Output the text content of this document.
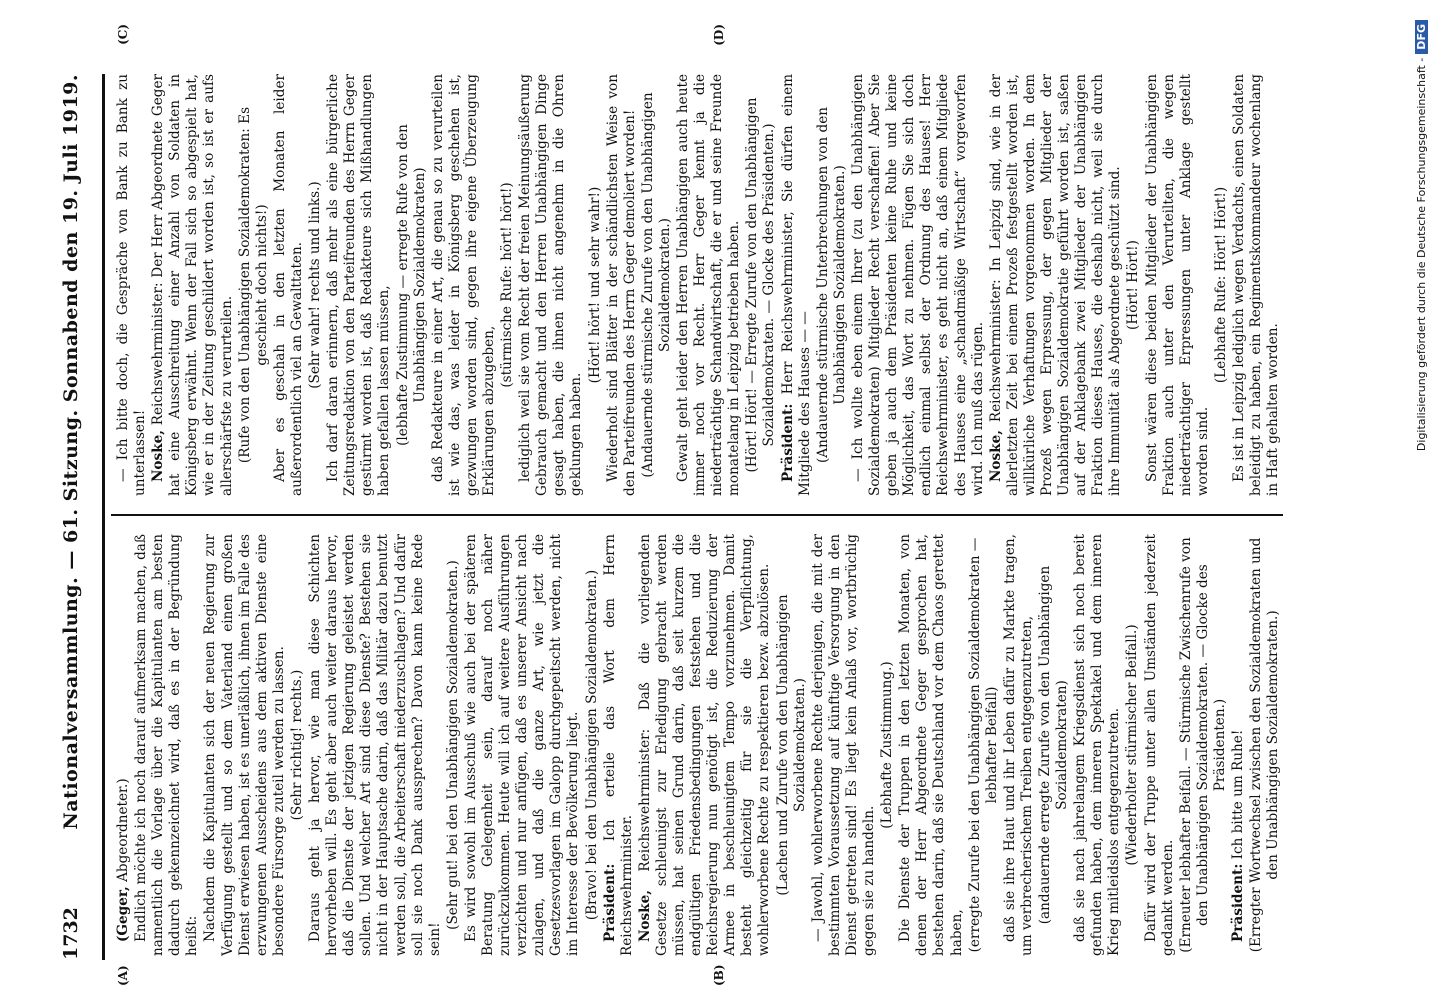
1732
Nationalversammlung. — 61. Sitzung. Sonnabend den 19. Juli 1919.
(A)	(B)

(Geger, Abgeordneter.) Endlich möchte ich noch darauf aufmerksam machen, daß namentlich die Vorlage über die Kapitulanten am besten dadurch gekennzeichnet wird, daß es in der Begründung heißt: Nachdem die Kapitulanten sich der neuen Regierung zur Verfügung gestellt und so dem Vaterland einen großen Dienst erwiesen haben, ist es unerläßlich, ihnen im Falle des erzwungenen Ausscheidens aus dem aktiven Dienste eine besondere Fürsorge zuteil werden zu lassen. (Sehr richtig! rechts.) Daraus geht ja hervor, wie man diese Schichten hervorheben will. Es geht aber auch weiter daraus hervor, daß die Dienste der jetzigen Regierung geleistet werden sollen. Und welcher Art sind diese Dienste? Bestehen sie nicht in der Hauptsache darin, daß das Militär dazu benutzt werden soll, die Arbeiterschaft niederzuschlagen? Und dafür soll sie noch Dank aussprechen? Davon kann keine Rede sein!

(Sehr gut! bei den Unabhängigen Sozialdemokraten.) Es wird sowohl im Ausschuß wie auch bei der späteren Beratung Gelegenheit sein, darauf noch näher zurückzukommen. Heute will ich auf weitere Ausführungen verzichten und nur anfügen, daß es unserer Ansicht nach zulagen, und daß die ganze Art, wie jetzt die Gesetzesvorlagen im Galopp durchgepeitscht werden, nicht im Interesse der Bevölkerung liegt. (Bravo! bei den Unabhängigen Sozialdemokraten.) Präsident: Ich erteile das Wort dem Herrn Reichswehrminister. Noske, Reichswehrminister: Daß die vorliegenden Gesetze schleunigst zur Erledigung gebracht werden müssen, hat seinen Grund darin, daß seit kurzem die endgültigen Friedensbedingungen feststehen und die Reichsregierung nun genötigt ist, die Reduzierung der Armee in beschleunigtem Tempo vorzunehmen. Damit besteht gleichzeitig für sie die Verpflichtung, wohlerworbene Rechte zu respektieren bezw. abzulösen. (Lachen und Zurufe von den Unabhängigen Sozialdemokraten.) — Jawohl, wohlerworbene Rechte derjenigen, die mit der bestimmten Voraussetzung auf künftige Versorgung in den Dienst getreten sind! Es liegt kein Anlaß vor, wortbrüchig gegen sie zu handeln.

(Lebhafte Zustimmung.) Die Dienste der Truppen in den letzten Monaten, von denen der Herr Abgeordnete Geger gesprochen hat, bestehen darin, daß sie Deutschland vor dem Chaos gerettet haben, (erregte Zurufe bei den Unabhängigen Sozialdemokraten — lebhafter Beifall) daß sie ihre Haut und ihr Leben dafür zu Markte tragen, um verbrecherischem Treiben entgegenzutreten, (andauernde erregte Zurufe von den Unabhängigen Sozialdemokraten) daß sie nach jahrelangem Kriegsdienst sich noch bereit gefunden haben, dem inneren Spektakel und dem inneren Krieg mitleidslos entgegenzutreten. (Wiederholter stürmischer Beifall.) Dafür wird der Truppe unter allen Umständen jederzeit gedankt werden. (Erneuter lebhafter Beifall. — Stürmische Zwischenrufe von den Unabhängigen Sozialdemokraten. — Glocke des Präsidenten.)

Präsident: Ich bitte um Ruhe! (Erregter Wortwechsel zwischen den Sozialdemokraten und den Unabhängigen Sozialdemokraten.)

(C)	(D)

— Ich bitte doch, die Gespräche von Bank zu Bank zu unterlassen! Noske, Reichswehrminister: Der Herr Abgeordnete Geger hat eine Ausschreitung einer Anzahl von Soldaten in Königsberg erwähnt. Wenn der Fall sich so abgespielt hat, wie er in der Zeitung geschildert worden ist, so ist er aufs allerschärfste zu verurteilen. (Rufe von den Unabhängigen Sozialdemokraten: Es geschieht doch nichts!) Aber es geschah in den letzten Monaten leider außerordentlich viel an Gewalttaten. (Sehr wahr! rechts und links.) Ich darf daran erinnern, daß mehr als eine bürgerliche Zeitungsredaktion von den Parteifreunden des Herrn Geger gestürmt worden ist, daß Redakteure sich Mißhandlungen haben gefallen lassen müssen, (lebhafte Zustimmung — erregte Rufe von den Unabhängigen Sozialdemokraten) daß Redakteure in einer Art, die genau so zu verurteilen ist wie das, was leider in Königsberg geschehen ist, gezwungen worden sind, gegen ihre eigene Überzeugung Erklärungen abzugeben,

(stürmische Rufe: hört! hört!) lediglich weil sie vom Recht der freien Meinungsäußerung Gebrauch gemacht und den Herren Unabhängigen Dinge gesagt haben, die ihnen nicht angenehm in die Ohren geklungen haben.

(Hört! hört! und sehr wahr!) Wiederholt sind Blätter in der schändlichsten Weise von den Parteifreunden des Herrn Geger demoliert worden! (Andauernde stürmische Zurufe von den Unabhängigen Sozialdemokraten.) Gewalt geht leider den Herren Unabhängigen auch heute immer noch vor Recht. Herr Geger kennt ja die niederträchtige Schandwirtschaft, die er und seine Freunde monatelang in Leipzig betrieben haben. (Hört! Hört! — Erregte Zurufe von den Unabhängigen Sozialdemokraten. — Glocke des Präsidenten.) Präsident: Herr Reichswehrminister, Sie dürfen einem Mitgliede des Hauses — — (Andauernde stürmische Unterbrechungen von den Unabhängigen Sozialdemokraten.) — Ich wollte eben einem Ihrer (zu den Unabhängigen Sozialdemokraten) Mitglieder Recht verschaffen! Aber Sie geben ja auch dem Präsidenten keine Ruhe und keine Möglichkeit, das Wort zu nehmen. Fügen Sie sich doch endlich einmal selbst der Ordnung des Hauses! Herr Reichswehrminister, es geht nicht an, daß einem Mitgliede des Hauses eine „schandmäßige Wirtschaft“ vorgeworfen wird. Ich muß das rügen. Noske, Reichswehrminister: In Leipzig sind, wie in der allerletzten Zeit bei einem Prozeß festgestellt worden ist, willkürliche Verhaftungen vorgenommen worden. In dem Prozeß wegen Erpressung, der gegen Mitglieder der Unabhängigen Sozialdemokratie geführt worden ist, saßen auf der Anklagebank zwei Mitglieder der Unabhängigen Fraktion dieses Hauses, die deshalb nicht, weil sie durch ihre Immunität als Abgeordnete geschützt sind. (Hört! Hört!) Sonst wären diese beiden Mitglieder der Unabhängigen Fraktion auch unter den Verurteilten, die wegen niederträchtiger Erpressungen unter Anklage gestellt worden sind.

(Lebhafte Rufe: Hört! Hört!) Es ist in Leipzig lediglich wegen Verdachts, einen Soldaten beleidigt zu haben, ein Regimentskommandeur wochenlang in Haft gehalten worden.	Digitalisierung gefördert durch die Deutsche Forschungsgemeinschaft -
DFG
